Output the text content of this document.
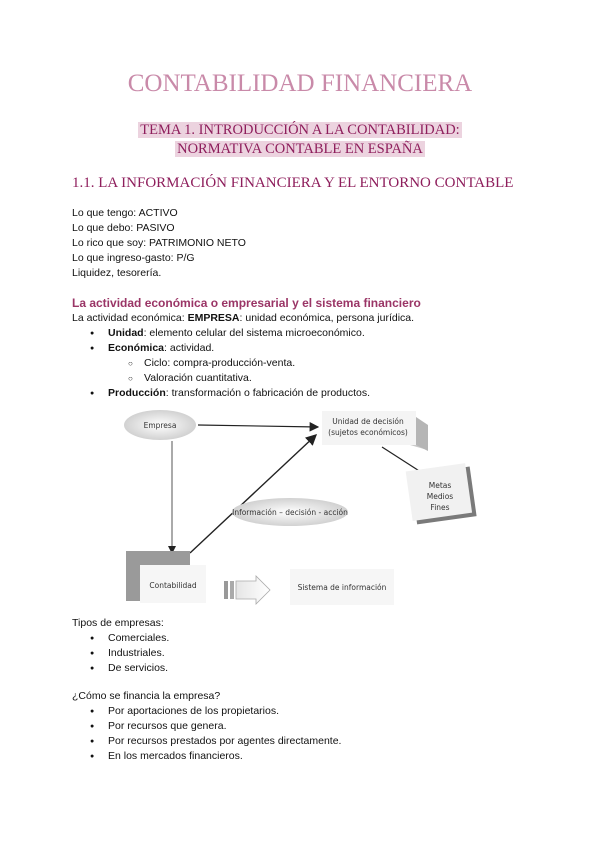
CONTABILIDAD FINANCIERA
TEMA 1. INTRODUCCIÓN A LA CONTABILIDAD:
NORMATIVA CONTABLE EN ESPAÑA
1.1. LA INFORMACIÓN FINANCIERA Y EL ENTORNO CONTABLE

Lo que tengo: ACTIVO

Lo que debo: PASIVO

Lo rico que soy: PATRIMONIO NETO

Lo que ingreso-gasto: P/G

Liquidez, tesorería.

La actividad económica o empresarial y el sistema financiero

La actividad económica: EMPRESA: unidad económica, persona jurídica.

● Unidad: elemento celular del sistema microeconómico.
● Económica: actividad.
○ Ciclo: compra-producción-venta.
○ Valoración cuantitativa.
● Producción: transformación o fabricación de productos.
Empresa	Unidad de decisión
(sujetos económicos)
Metas
Medios
Fines
Información – decisión - acción
Contabilidad	Sistema de información

Tipos de empresas:

● Comerciales.
● Industriales.
● De servicios.

¿Cómo se financia la empresa?

● Por aportaciones de los propietarios.
● Por recursos que genera.
● Por recursos prestados por agentes directamente.
● En los mercados financieros.
